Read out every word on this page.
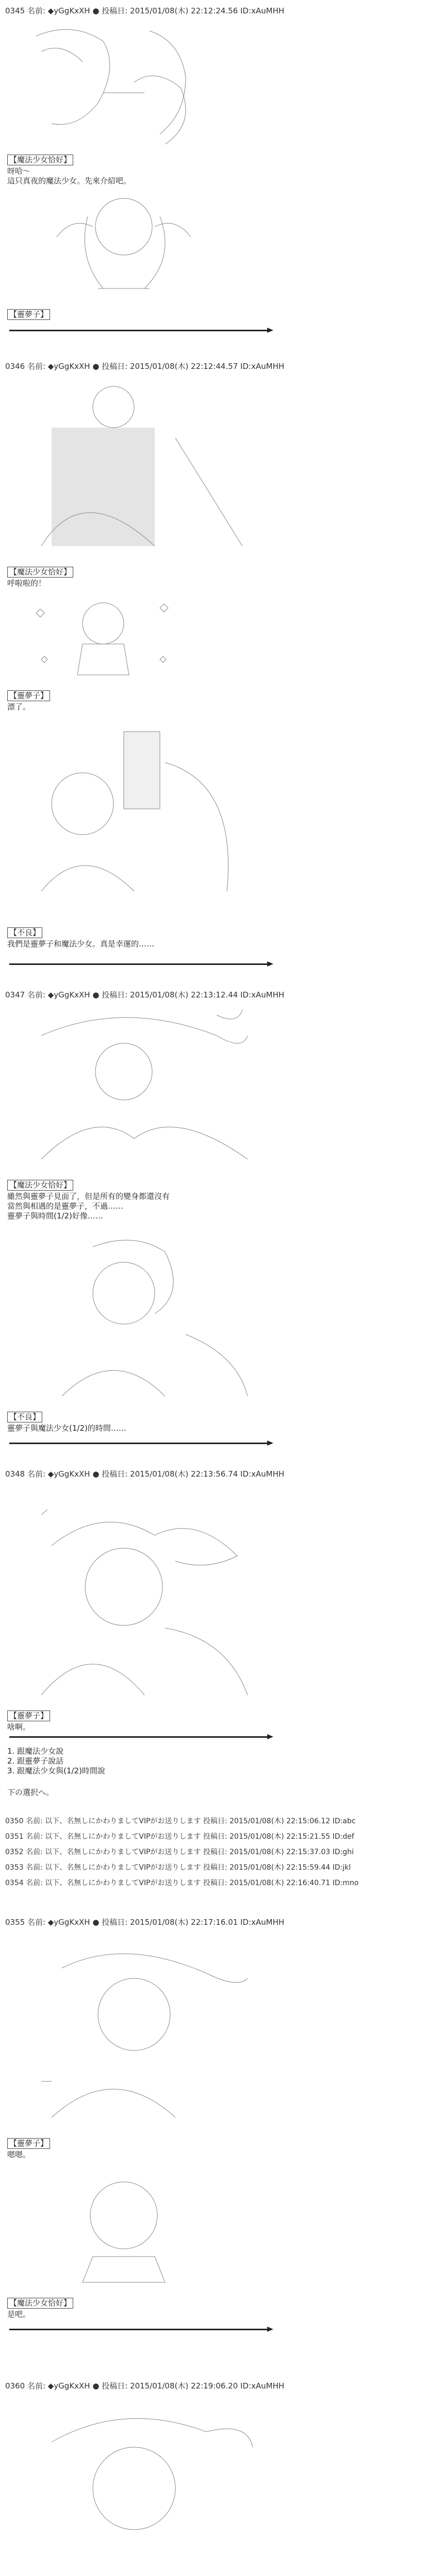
0345 名前: ◆yGgKxXH ● 投稿日: 2015/01/08(木) 22:12:24.56 ID:xAuMHH
【魔法少女恰好】
呀哈～
這只真夜的魔法少女。先來介紹吧。
【靈夢子】
0346 名前: ◆yGgKxXH ● 投稿日: 2015/01/08(木) 22:12:44.57 ID:xAuMHH
【魔法少女恰好】
呼啦啦的！
【靈夢子】
漂了。
【不良】
我們是靈夢子和魔法少女。真是幸運的……
0347 名前: ◆yGgKxXH ● 投稿日: 2015/01/08(木) 22:13:12.44 ID:xAuMHH
【魔法少女恰好】
雖然與靈夢子見面了，但是所有的變身都還沒有
當然與相遇的是靈夢子，不過……
靈夢子與時間(1/2)好像……
【不良】
靈夢子與魔法少女(1/2)的時間……
0348 名前: ◆yGgKxXH ● 投稿日: 2015/01/08(木) 22:13:56.74 ID:xAuMHH
【靈夢子】
啥啊。
1. 跟魔法少女說
2. 跟靈夢子說話
3. 跟魔法少女與(1/2)時間說
下の選択へ。
0350 名前: 以下、名無しにかわりましてVIPがお送りします 投稿日: 2015/01/08(木) 22:15:06.12 ID:abc
0351 名前: 以下、名無しにかわりましてVIPがお送りします 投稿日: 2015/01/08(木) 22:15:21.55 ID:def
0352 名前: 以下、名無しにかわりましてVIPがお送りします 投稿日: 2015/01/08(木) 22:15:37.03 ID:ghi
0353 名前: 以下、名無しにかわりましてVIPがお送りします 投稿日: 2015/01/08(木) 22:15:59.44 ID:jkl
0354 名前: 以下、名無しにかわりましてVIPがお送りします 投稿日: 2015/01/08(木) 22:16:40.71 ID:mno
0355 名前: ◆yGgKxXH ● 投稿日: 2015/01/08(木) 22:17:16.01 ID:xAuMHH
【靈夢子】
嗯嗯。
【魔法少女恰好】
是吧。
0360 名前: ◆yGgKxXH ● 投稿日: 2015/01/08(木) 22:19:06.20 ID:xAuMHH
